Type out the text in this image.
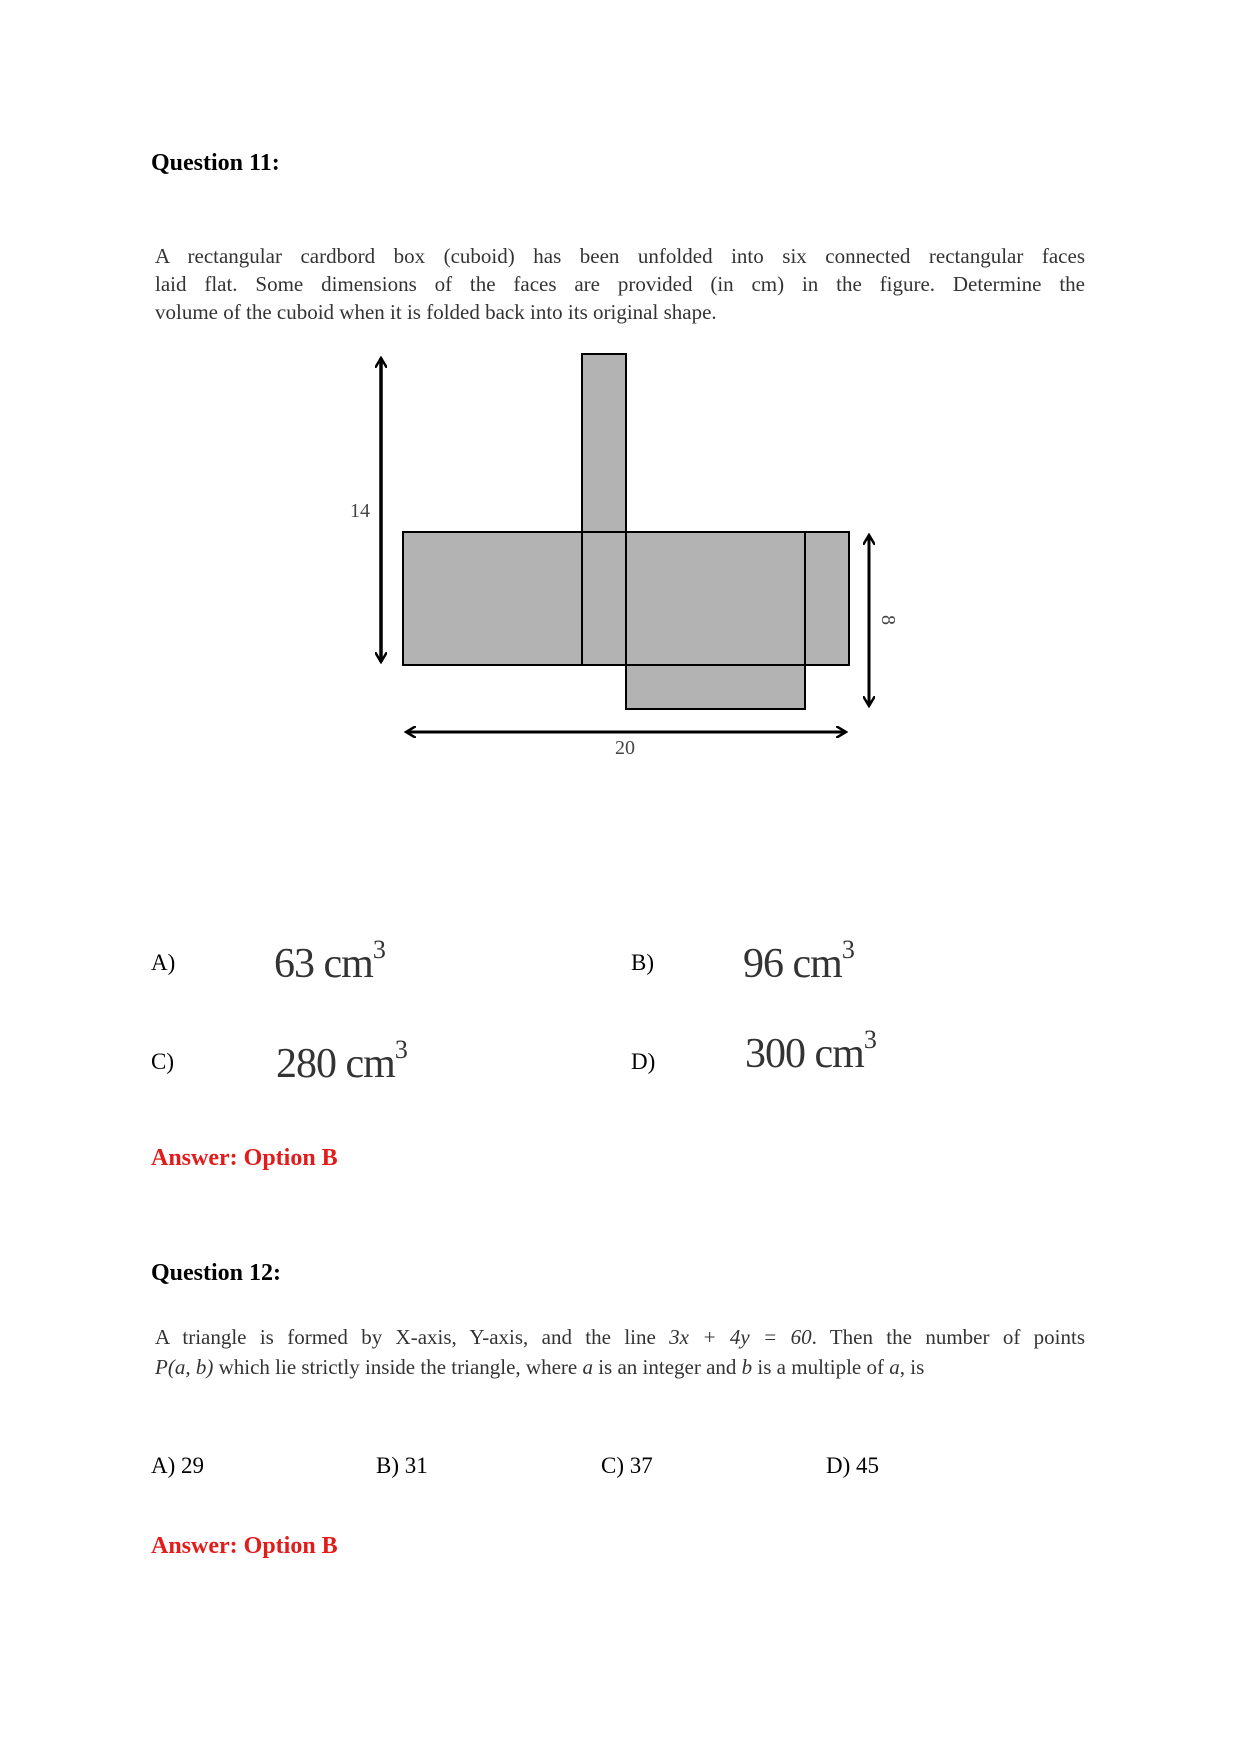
Question 11:
A rectangular cardbord box (cuboid) has been unfolded into six connected rectangular faces
laid flat. Some dimensions of the faces are provided (in cm) in the figure. Determine the
volume of the cuboid when it is folded back into its original shape.
14
20
8
A) 63 $cm^3$	B) 96 $cm^3$
C) 280 $cm^3$	D) 300 $cm^3$
Answer: Option B
Question 12:
A triangle is formed by X-axis, Y-axis, and the line 3x + 4y = 60. Then the number of points
P(a, b) which lie strictly inside the triangle, where a is an integer and b is a multiple of a, is
A) 29	B) 31	C) 37	D) 45
Answer: Option B
